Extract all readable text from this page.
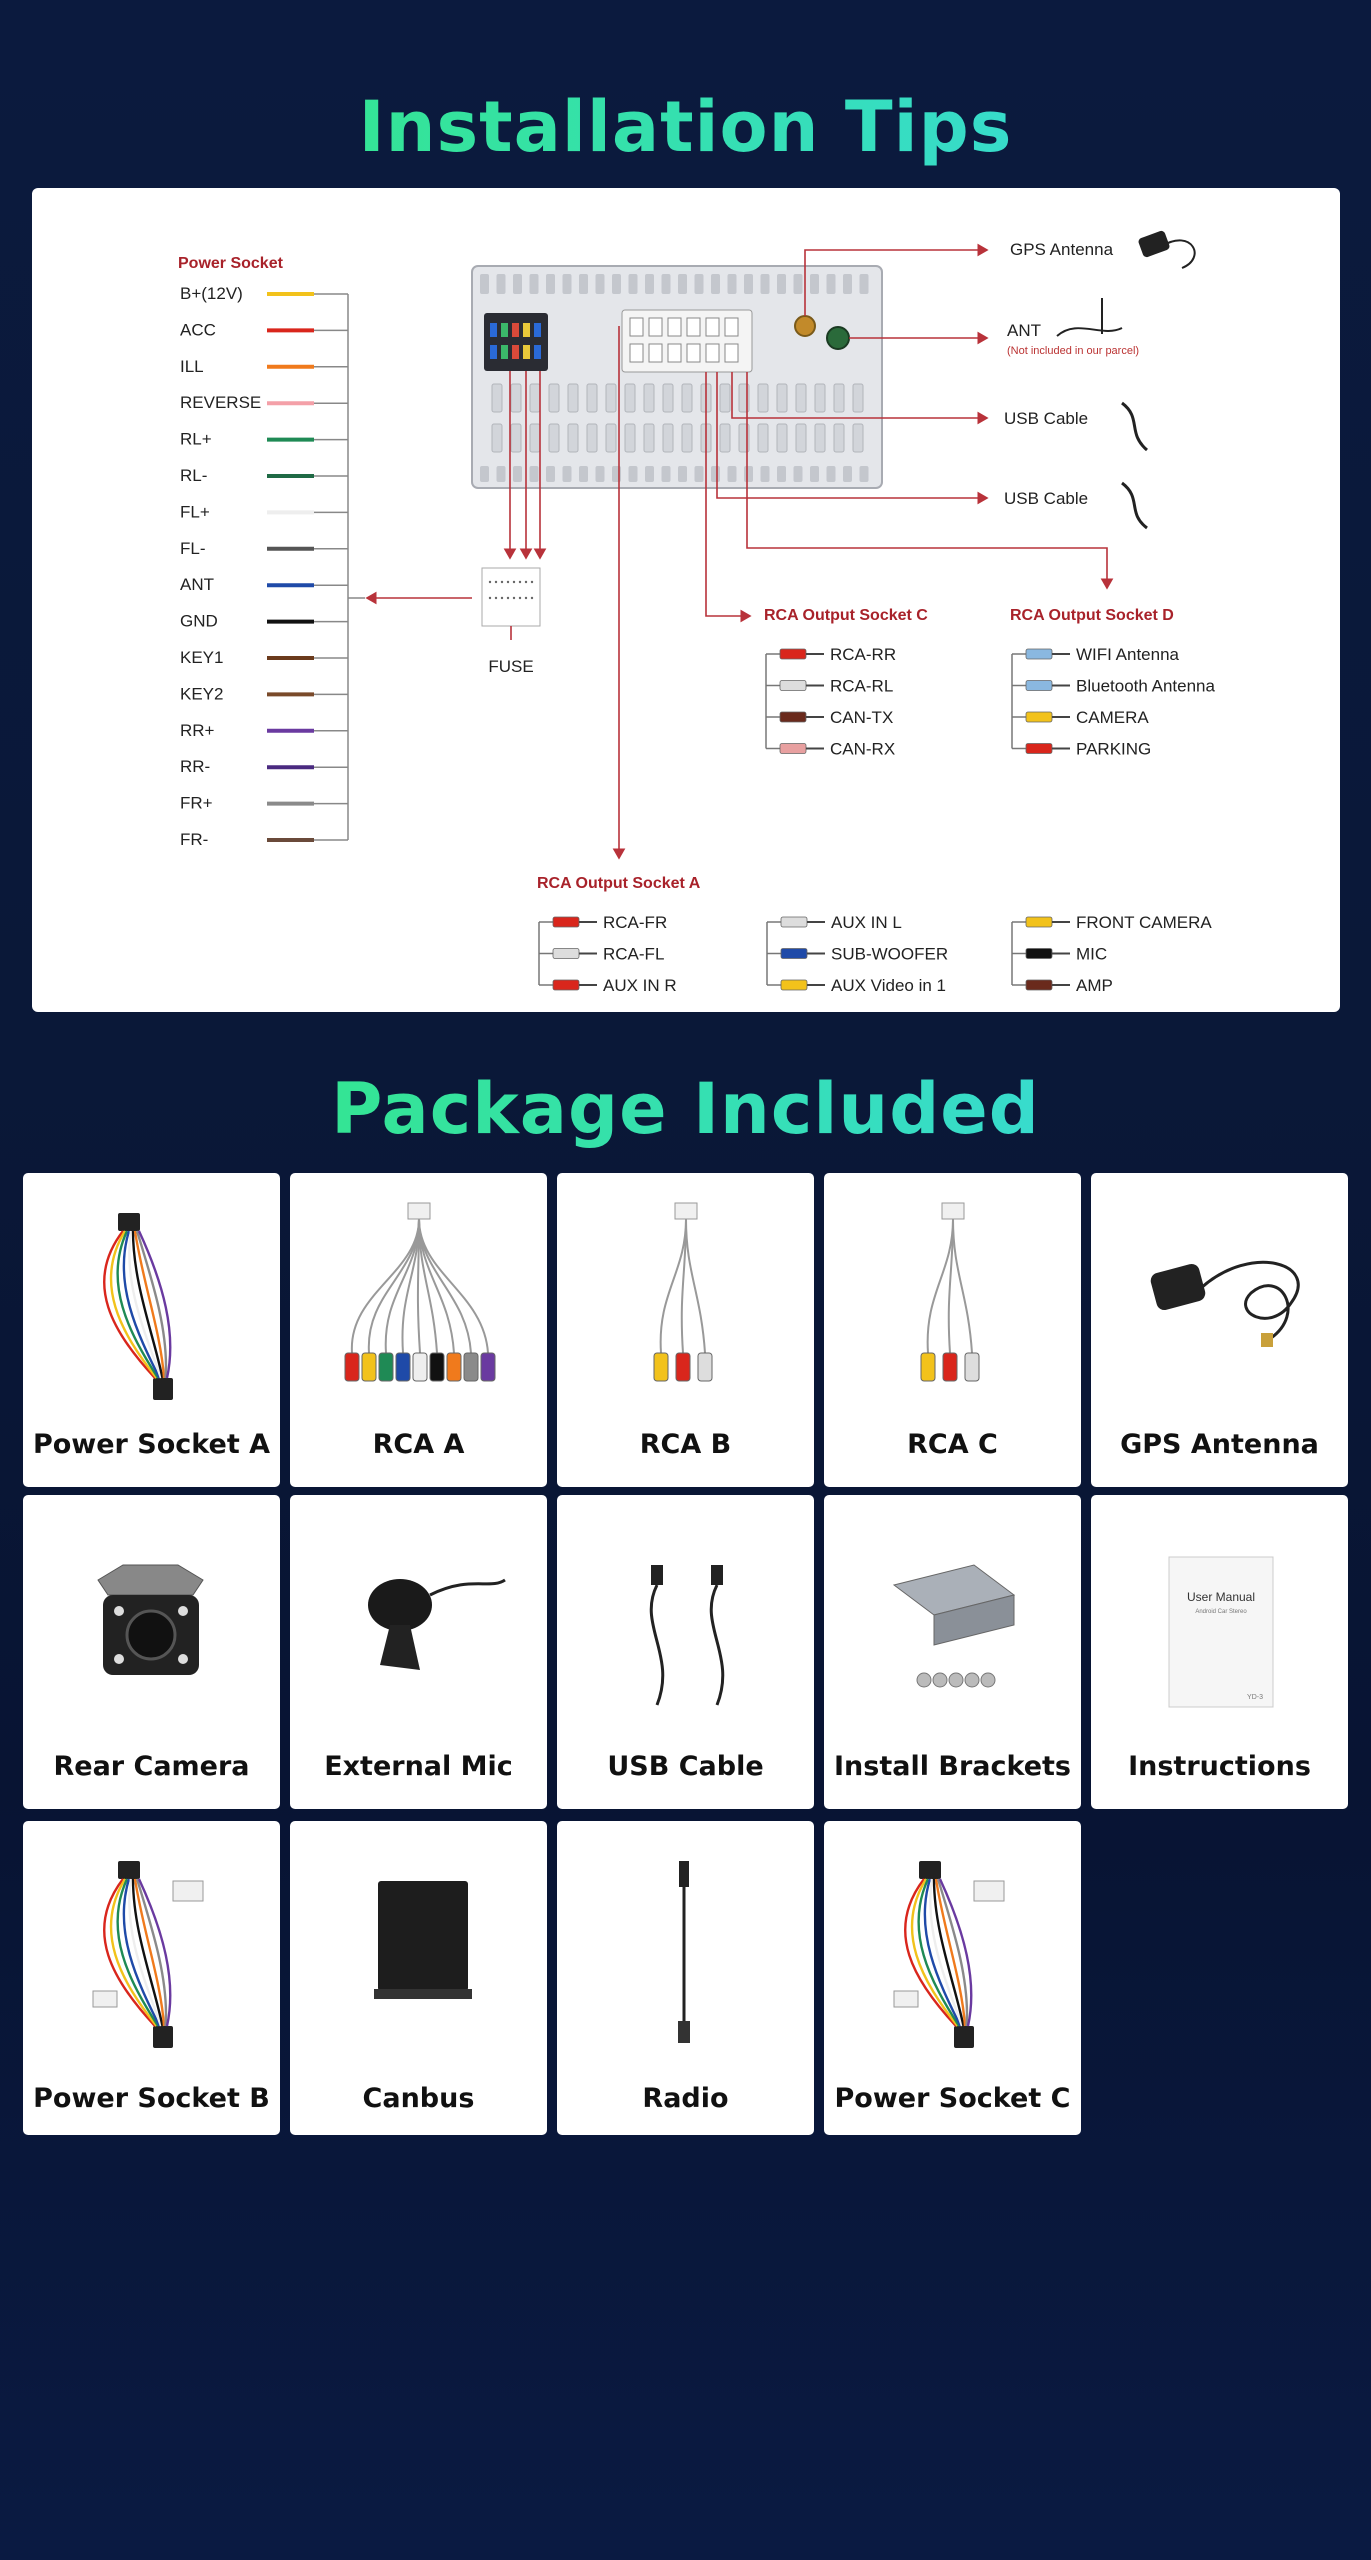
Installation Tips
Power Socket
B+(12V)
ACC
ILL
REVERSE
RL+
RL-
FL+
FL-
ANT
GND
KEY1
KEY2
RR+
RR-
FR+
FR-
GPS Antenna
ANT
(Not included in our parcel)
USB Cable
USB Cable
FUSE
RCA Output Socket C
RCA-RR
RCA-RL
CAN-TX
CAN-RX
RCA Output Socket D
WIFI Antenna
Bluetooth Antenna
CAMERA
PARKING
RCA Output Socket A
RCA-FR
RCA-FL
AUX IN R
AUX IN L
SUB-WOOFER
AUX Video in 1
FRONT CAMERA
MIC
AMP
Package Included
Power Socket A	RCA A	RCA B	RCA C	GPS Antenna
Rear Camera	External Mic	USB Cable	Install Brackets
User Manual
Android Car Stereo
YD-3
Instructions
Power Socket B	Canbus	Radio	Power Socket C
